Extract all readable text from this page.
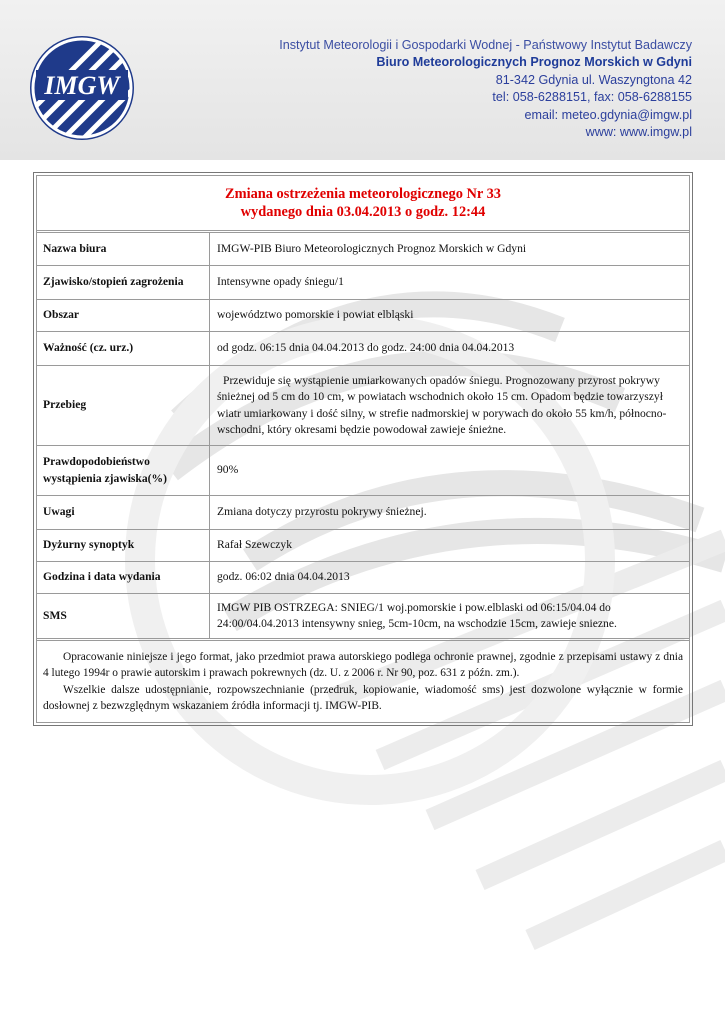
IMGW
Instytut Meteorologii i Gospodarki Wodnej - Państwowy Instytut Badawczy
Biuro Meteorologicznych Prognoz Morskich w Gdyni
81-342 Gdynia ul. Waszyngtona 42
tel: 058-6288151, fax: 058-6288155
email: meteo.gdynia@imgw.pl
www: www.imgw.pl
Zmiana ostrzeżenia meteorologicznego Nr 33
wydanego dnia 03.04.2013 o godz. 12:44
Nazwa biura	IMGW-PIB Biuro Meteorologicznych Prognoz Morskich w Gdyni
Zjawisko/stopień zagrożenia	Intensywne opady śniegu/1
Obszar	województwo pomorskie i powiat elbląski
Ważność (cz. urz.)	od godz. 06:15 dnia 04.04.2013 do godz. 24:00 dnia 04.04.2013
Przebieg	Przewiduje się wystąpienie umiarkowanych opadów śniegu. Prognozowany przyrost pokrywy śnieżnej od 5 cm do 10 cm, w powiatach wschodnich około 15 cm. Opadom będzie towarzyszył wiatr umiarkowany i dość silny, w strefie nadmorskiej w porywach do około 55 km/h, północno-wschodni, który okresami będzie powodował zawieje śnieżne.
Prawdopodobieństwo wystąpienia zjawiska(%)	90%
Uwagi	Zmiana dotyczy przyrostu pokrywy śnieżnej.
Dyżurny synoptyk	Rafał Szewczyk
Godzina i data wydania	godz. 06:02 dnia 04.04.2013
SMS	IMGW PIB OSTRZEGA: SNIEG/1 woj.pomorskie i pow.elblaski od 06:15/04.04 do 24:00/04.04.2013 intensywny snieg, 5cm-10cm, na wschodzie 15cm, zawieje sniezne.

Opracowanie niniejsze i jego format, jako przedmiot prawa autorskiego podlega ochronie prawnej, zgodnie z przepisami ustawy z dnia 4 lutego 1994r o prawie autorskim i prawach pokrewnych (dz. U. z 2006 r. Nr 90, poz. 631 z późn. zm.).

Wszelkie dalsze udostępnianie, rozpowszechnianie (przedruk, kopiowanie, wiadomość sms) jest dozwolone wyłącznie w formie dosłownej z bezwzględnym wskazaniem źródła informacji tj. IMGW-PIB.
